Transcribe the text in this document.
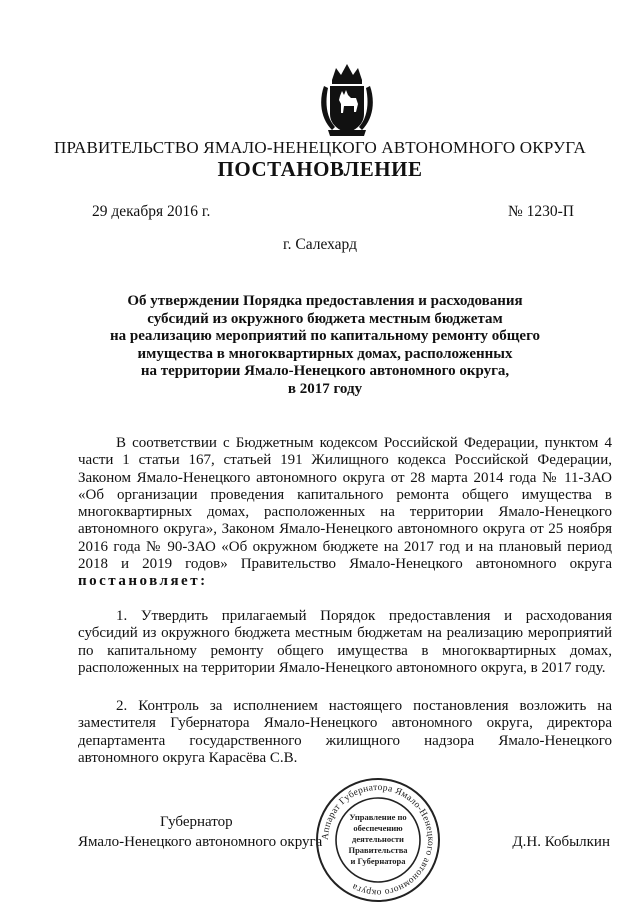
ПРАВИТЕЛЬСТВО ЯМАЛО-НЕНЕЦКОГО АВТОНОМНОГО ОКРУГА
ПОСТАНОВЛЕНИЕ
29 декабря 2016 г.	№ 1230-П
г. Салехард
Об утверждении Порядка предоставления и расходования
субсидий из окружного бюджета местным бюджетам
на реализацию мероприятий по капитальному ремонту общего
имущества в многоквартирных домах, расположенных
на территории Ямало-Ненецкого автономного округа,
в 2017 году

В соответствии с Бюджетным кодексом Российской Федерации, пунктом 4 части 1 статьи 167, статьей 191 Жилищного кодекса Российской Федерации, Законом Ямало-Ненецкого автономного округа от 28 марта 2014 года № 11-ЗАО «Об организации проведения капитального ремонта общего имущества в многоквартирных домах, расположенных на территории Ямало-Ненецкого автономного округа», Законом Ямало-Ненецкого автономного округа от 25 ноября 2016 года № 90-ЗАО «Об окружном бюджете на 2017 год и на плановый период 2018 и 2019 годов» Правительство Ямало-Ненецкого автономного округа постановляет:

1. Утвердить прилагаемый Порядок предоставления и расходования субсидий из окружного бюджета местным бюджетам на реализацию мероприятий по капитальному ремонту общего имущества в многоквартирных домах, расположенных на территории Ямало-Ненецкого автономного округа, в 2017 году.

2. Контроль за исполнением настоящего постановления возложить на заместителя Губернатора Ямало-Ненецкого автономного округа, директора департамента государственного жилищного надзора Ямало-Ненецкого автономного округа Карасёва С.В.

Губернатор
Ямало-Ненецкого автономного округа	Д.Н. Кобылкин
Аппарат Губернатора Ямало-Ненецкого автономного округа
Управление по
обеспечению
деятельности
Правительства
и Губернатора
